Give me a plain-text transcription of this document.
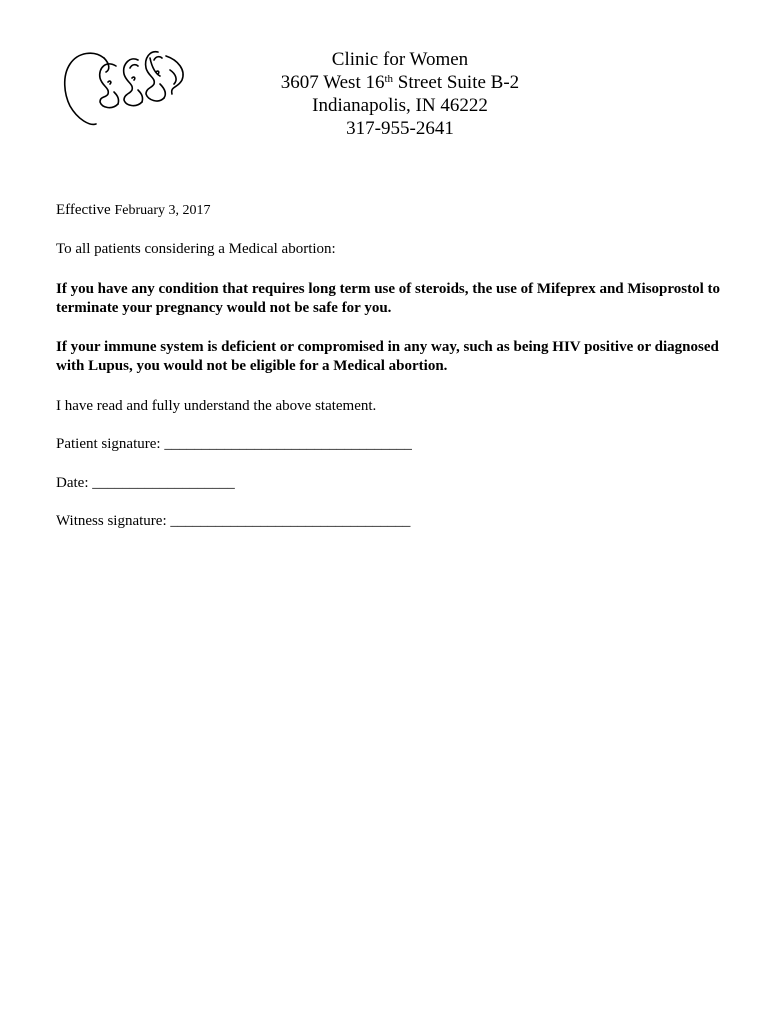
Clinic for Women
3607 West 16th Street Suite B-2
Indianapolis, IN 46222
317-955-2641
Effective February 3, 2017
To all patients considering a Medical abortion:
If you have any condition that requires long term use of steroids, the use of Mifeprex and Misoprostol to terminate your pregnancy would not be safe for you.
If your immune system is deficient or compromised in any way, such as being HIV positive or diagnosed with Lupus, you would not be eligible for a Medical abortion.
I have read and fully understand the above statement.
Patient signature: _________________________________
Date: ___________________
Witness signature: ________________________________
